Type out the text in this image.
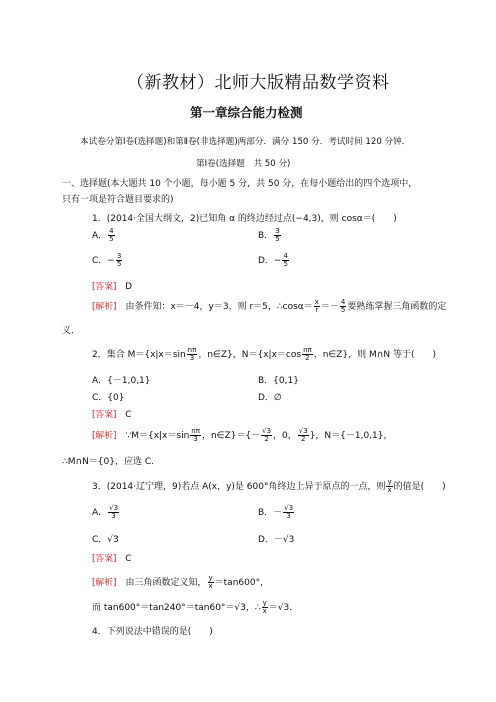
（新教材）北师大版精品数学资料
第一章综合能力检测
本试卷分第Ⅰ卷(选择题)和第Ⅱ卷(非选择题)两部分．满分 150 分．考试时间 120 分钟．
第Ⅰ卷(选择题　共 50 分)
一、选择题(本大题共 10 个小题，每小题 5 分，共 50 分，在每小题给出的四个选项中，
只有一项是符合题目要求的)
1．(2014·全国大纲文，2)已知角 α 的终边经过点(−4,3)，则 cosα＝(　　)
A． $\frac{4}{5}$	B． $\frac{3}{5}$
C．− $\frac{3}{5}$	D．− $\frac{4}{5}$
[答案]　 D
[解析]　 由条件知：x＝－4，y＝3，则 r＝5，∴cosα＝ $\frac{x}{r} =- \frac{4}{5}$ 要熟练掌握三角函数的定
义．
2．集合 $M=\{x|x=\sin \frac{n\pi}{3}$ ，n∈Z}，$N=\{x|x=\cos \frac{n\pi}{2}$ ，n∈Z}，则 M∩N 等于(　　)
A．{－1,0,1}	B．{0,1}
C．{0}	D．∅
[答案]　 C
[解析]　 ∵M＝{x|x＝sin $\frac{n\pi}{3}$ ，n∈Z}＝{－ $\frac{√3}{2}$ ，0， $\frac{√3}{2}$ }，N＝{－1,0,1}，
∴M∩N＝{0}，应选 C.
3．(2014·辽宁理，9)若点 A(x，y)是 600°角终边上异于原点的一点，则 $\frac{y}{x}$ 的值是(　　)
A． $\frac{√3}{3}$	B．－ $\frac{√3}{3}$
C．√3	D．－√3
[答案]　 C
[解析]　 由三角函数定义知， $\frac{y}{x} =\tan 600^\circ$，
而 tan600°＝tan240°＝tan60°＝√3，∴ $\frac{y}{x} =√3$.
4．下列说法中错误的是(　　)
